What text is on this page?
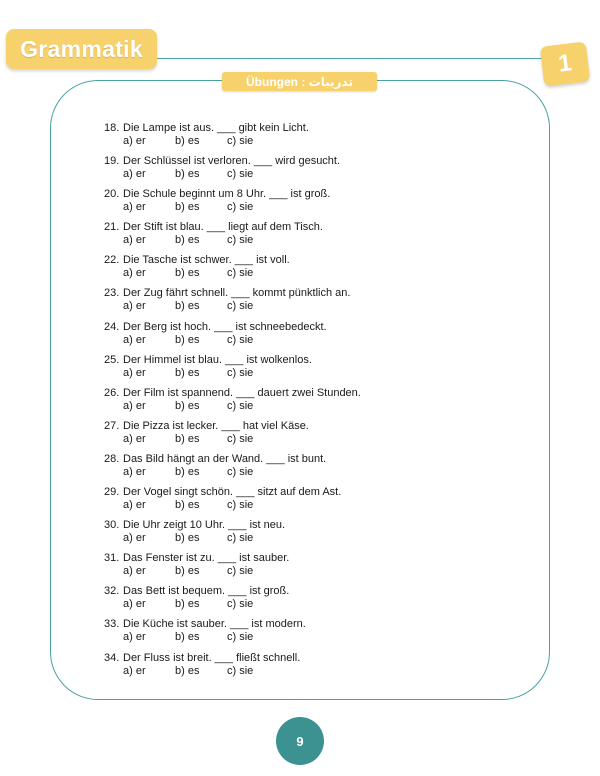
Grammatik
1
Übungen : تدريبات
18. Die Lampe ist aus. ___ gibt kein Licht.
a) er	b) es	c) sie
19. Der Schlüssel ist verloren. ___ wird gesucht.
a) er	b) es	c) sie
20. Die Schule beginnt um 8 Uhr. ___ ist groß.
a) er	b) es	c) sie
21. Der Stift ist blau. ___ liegt auf dem Tisch.
a) er	b) es	c) sie
22. Die Tasche ist schwer. ___ ist voll.
a) er	b) es	c) sie
23. Der Zug fährt schnell. ___ kommt pünktlich an.
a) er	b) es	c) sie
24. Der Berg ist hoch. ___ ist schneebedeckt.
a) er	b) es	c) sie
25. Der Himmel ist blau. ___ ist wolkenlos.
a) er	b) es	c) sie
26. Der Film ist spannend. ___ dauert zwei Stunden.
a) er	b) es	c) sie
27. Die Pizza ist lecker. ___ hat viel Käse.
a) er	b) es	c) sie
28. Das Bild hängt an der Wand. ___ ist bunt.
a) er	b) es	c) sie
29. Der Vogel singt schön. ___ sitzt auf dem Ast.
a) er	b) es	c) sie
30. Die Uhr zeigt 10 Uhr. ___ ist neu.
a) er	b) es	c) sie
31. Das Fenster ist zu. ___ ist sauber.
a) er	b) es	c) sie
32. Das Bett ist bequem. ___ ist groß.
a) er	b) es	c) sie
33. Die Küche ist sauber. ___ ist modern.
a) er	b) es	c) sie
34. Der Fluss ist breit. ___ fließt schnell.
a) er	b) es	c) sie
9
